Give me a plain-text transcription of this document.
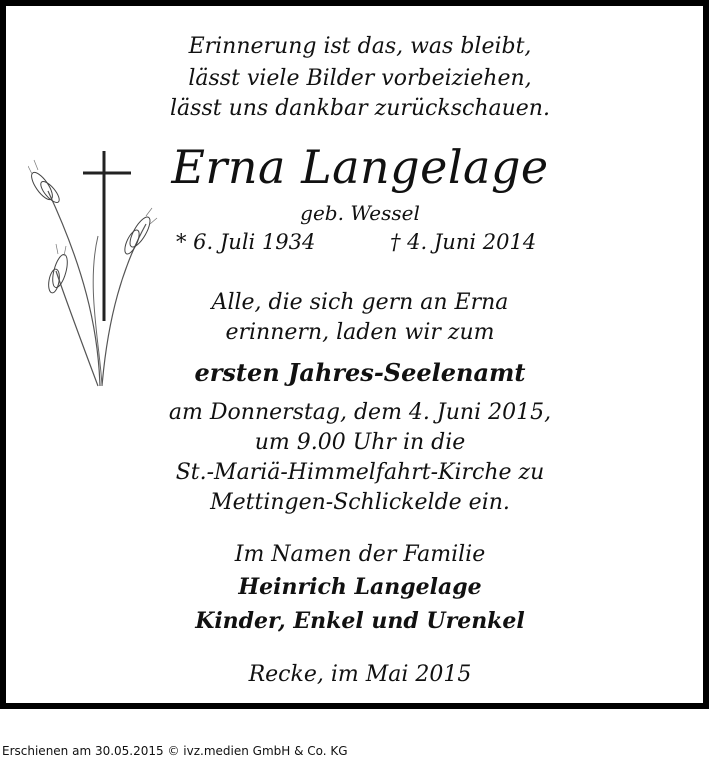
Erinnerung ist das, was bleibt,
lässt viele Bilder vorbeiziehen,
lässt uns dankbar zurückschauen.
Erna Langelage
geb. Wessel
* 6. Juli 1934	† 4. Juni 2014
Alle, die sich gern an Erna
erinnern, laden wir zum
ersten Jahres-Seelenamt
am Donnerstag, dem 4. Juni 2015,
um 9.00 Uhr in die
St.-Mariä-Himmelfahrt-Kirche zu
Mettingen-Schlickelde ein.
Im Namen der Familie
Heinrich Langelage
Kinder, Enkel und Urenkel
Recke, im Mai 2015
Erschienen am 30.05.2015 © ivz.medien GmbH & Co. KG
